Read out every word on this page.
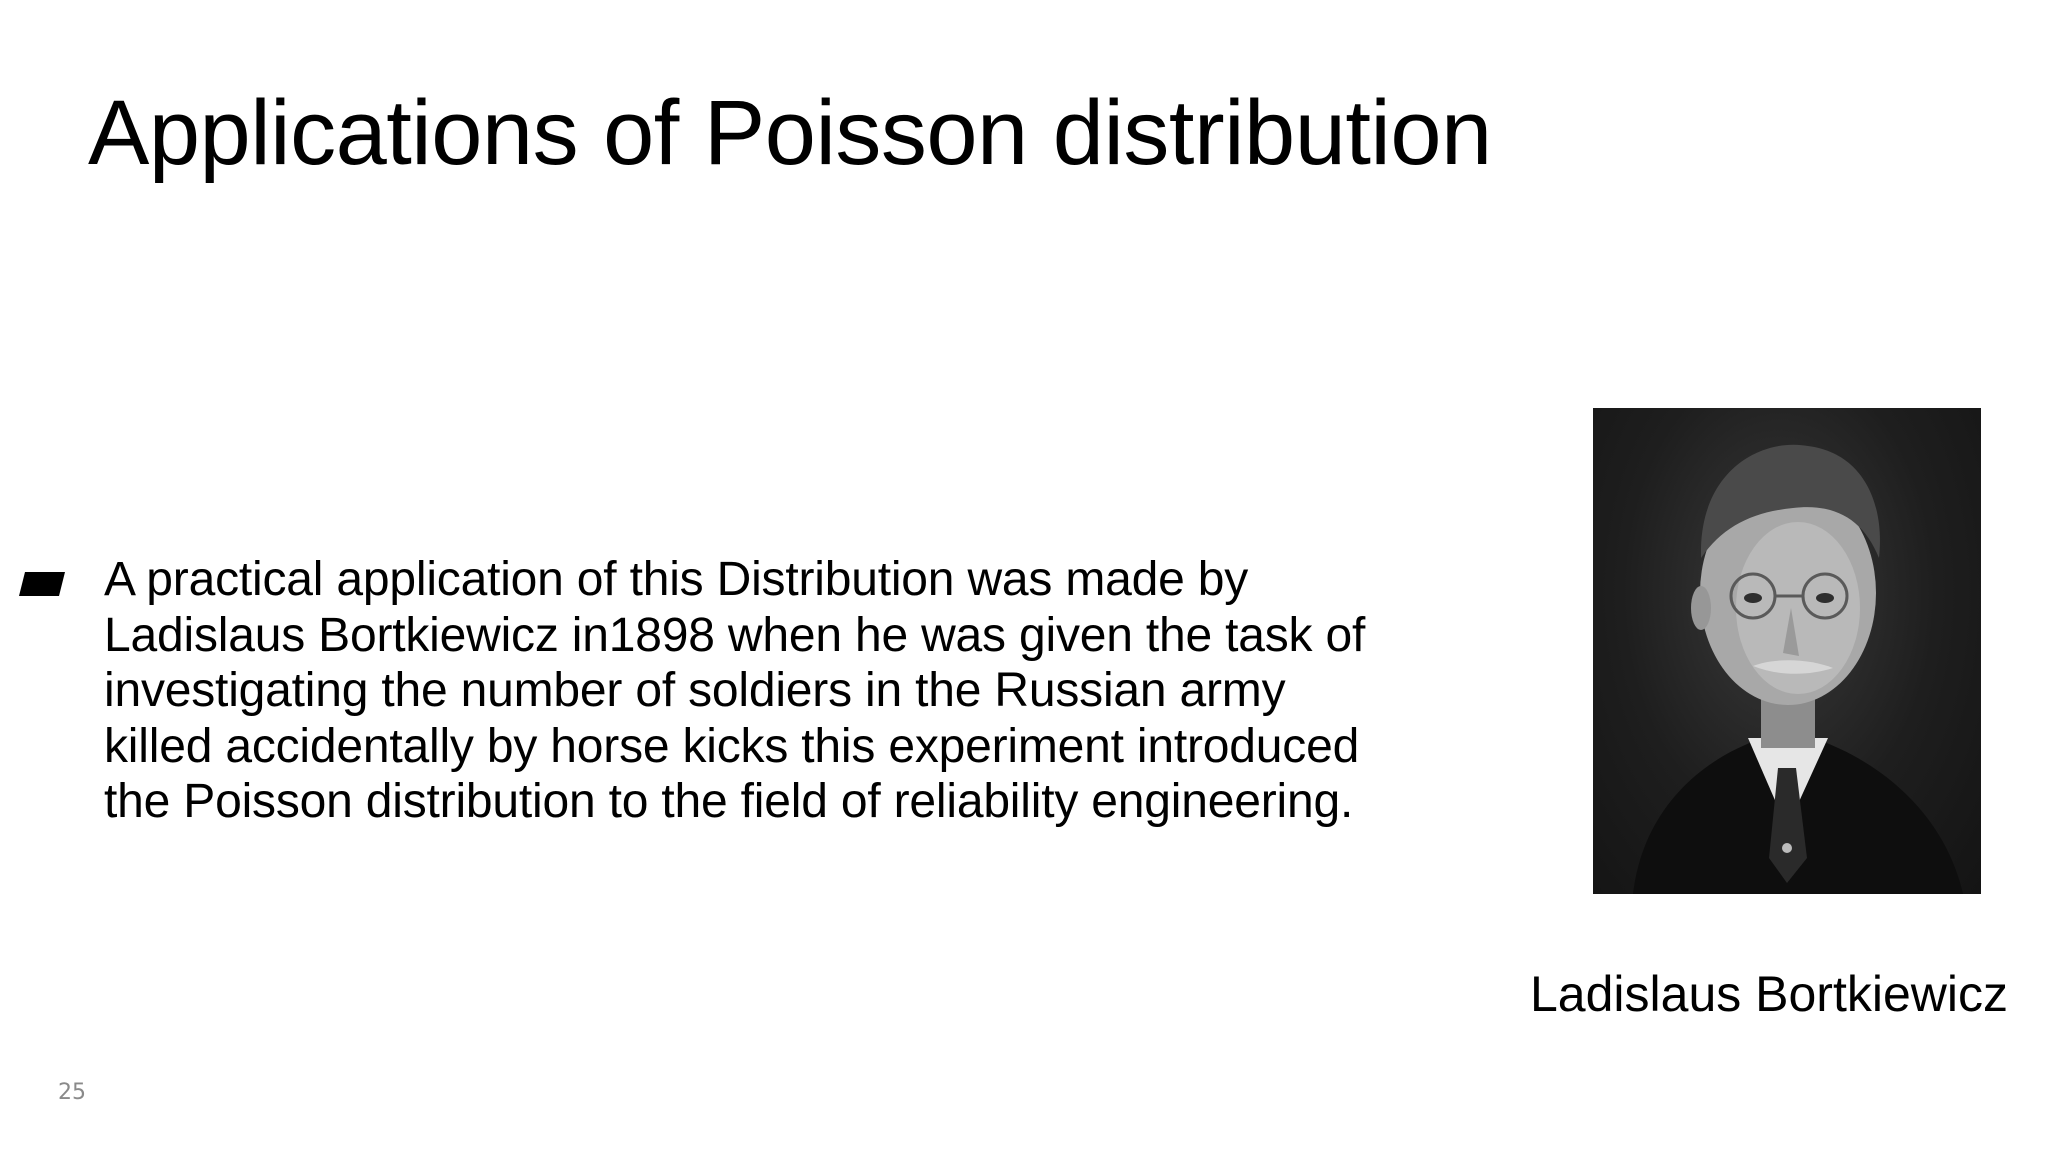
Applications of Poisson distribution

A practical application of this Distribution was made by
Ladislaus Bortkiewicz in1898 when he was given the task of
investigating the number of soldiers in the Russian army
killed accidentally by horse kicks this experiment introduced
the Poisson distribution to the field of reliability engineering.

Ladislaus Bortkiewicz
25
